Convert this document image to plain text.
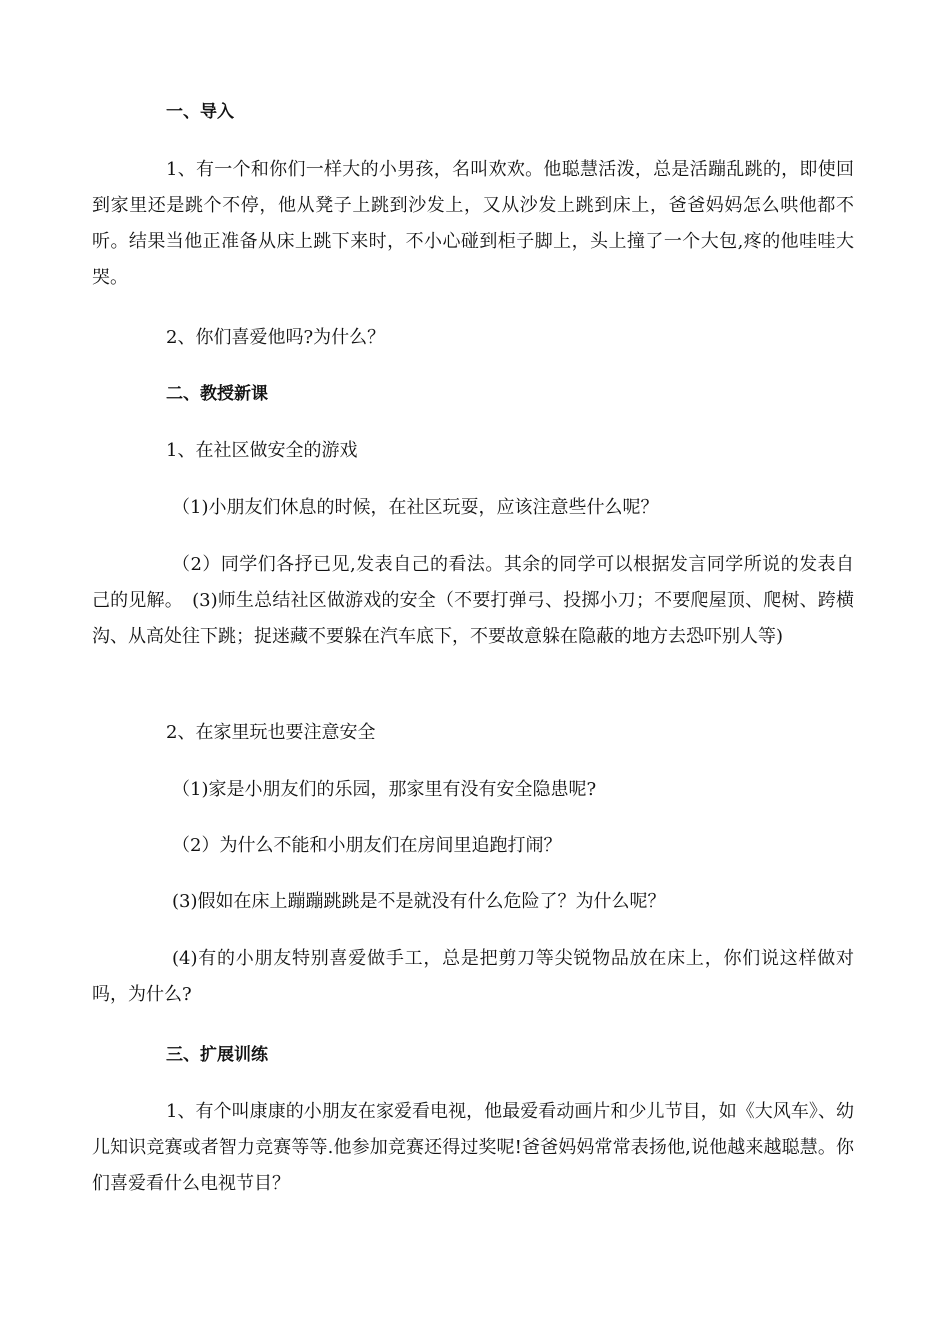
一、导入

1、有一个和你们一样大的小男孩，名叫欢欢。他聪慧活泼，总是活蹦乱跳的，即使回到家里还是跳个不停，他从凳子上跳到沙发上，又从沙发上跳到床上，爸爸妈妈怎么哄他都不听。结果当他正准备从床上跳下来时，不小心碰到柜子脚上，头上撞了一个大包,疼的他哇哇大哭。

2、你们喜爱他吗?为什么？

二、教授新课

1、在社区做安全的游戏

（1)小朋友们休息的时候，在社区玩耍，应该注意些什么呢？

（2）同学们各抒已见,发表自己的看法。其余的同学可以根据发言同学所说的发表自己的见解。　(3)师生总结社区做游戏的安全（不要打弹弓、投掷小刀；不要爬屋顶、爬树、跨横沟、从高处往下跳；捉迷藏不要躲在汽车底下，不要故意躲在隐蔽的地方去恐吓别人等)

2、在家里玩也要注意安全

（1)家是小朋友们的乐园，那家里有没有安全隐患呢?

（2）为什么不能和小朋友们在房间里追跑打闹？

(3)假如在床上蹦蹦跳跳是不是就没有什么危险了？为什么呢？

(4)有的小朋友特别喜爱做手工，总是把剪刀等尖锐物品放在床上，你们说这样做对吗，为什么?

三、扩展训练

1、有个叫康康的小朋友在家爱看电视，他最爱看动画片和少儿节目，如《大风车》、幼儿知识竞赛或者智力竞赛等等.他参加竞赛还得过奖呢!爸爸妈妈常常表扬他,说他越来越聪慧。你们喜爱看什么电视节目？
